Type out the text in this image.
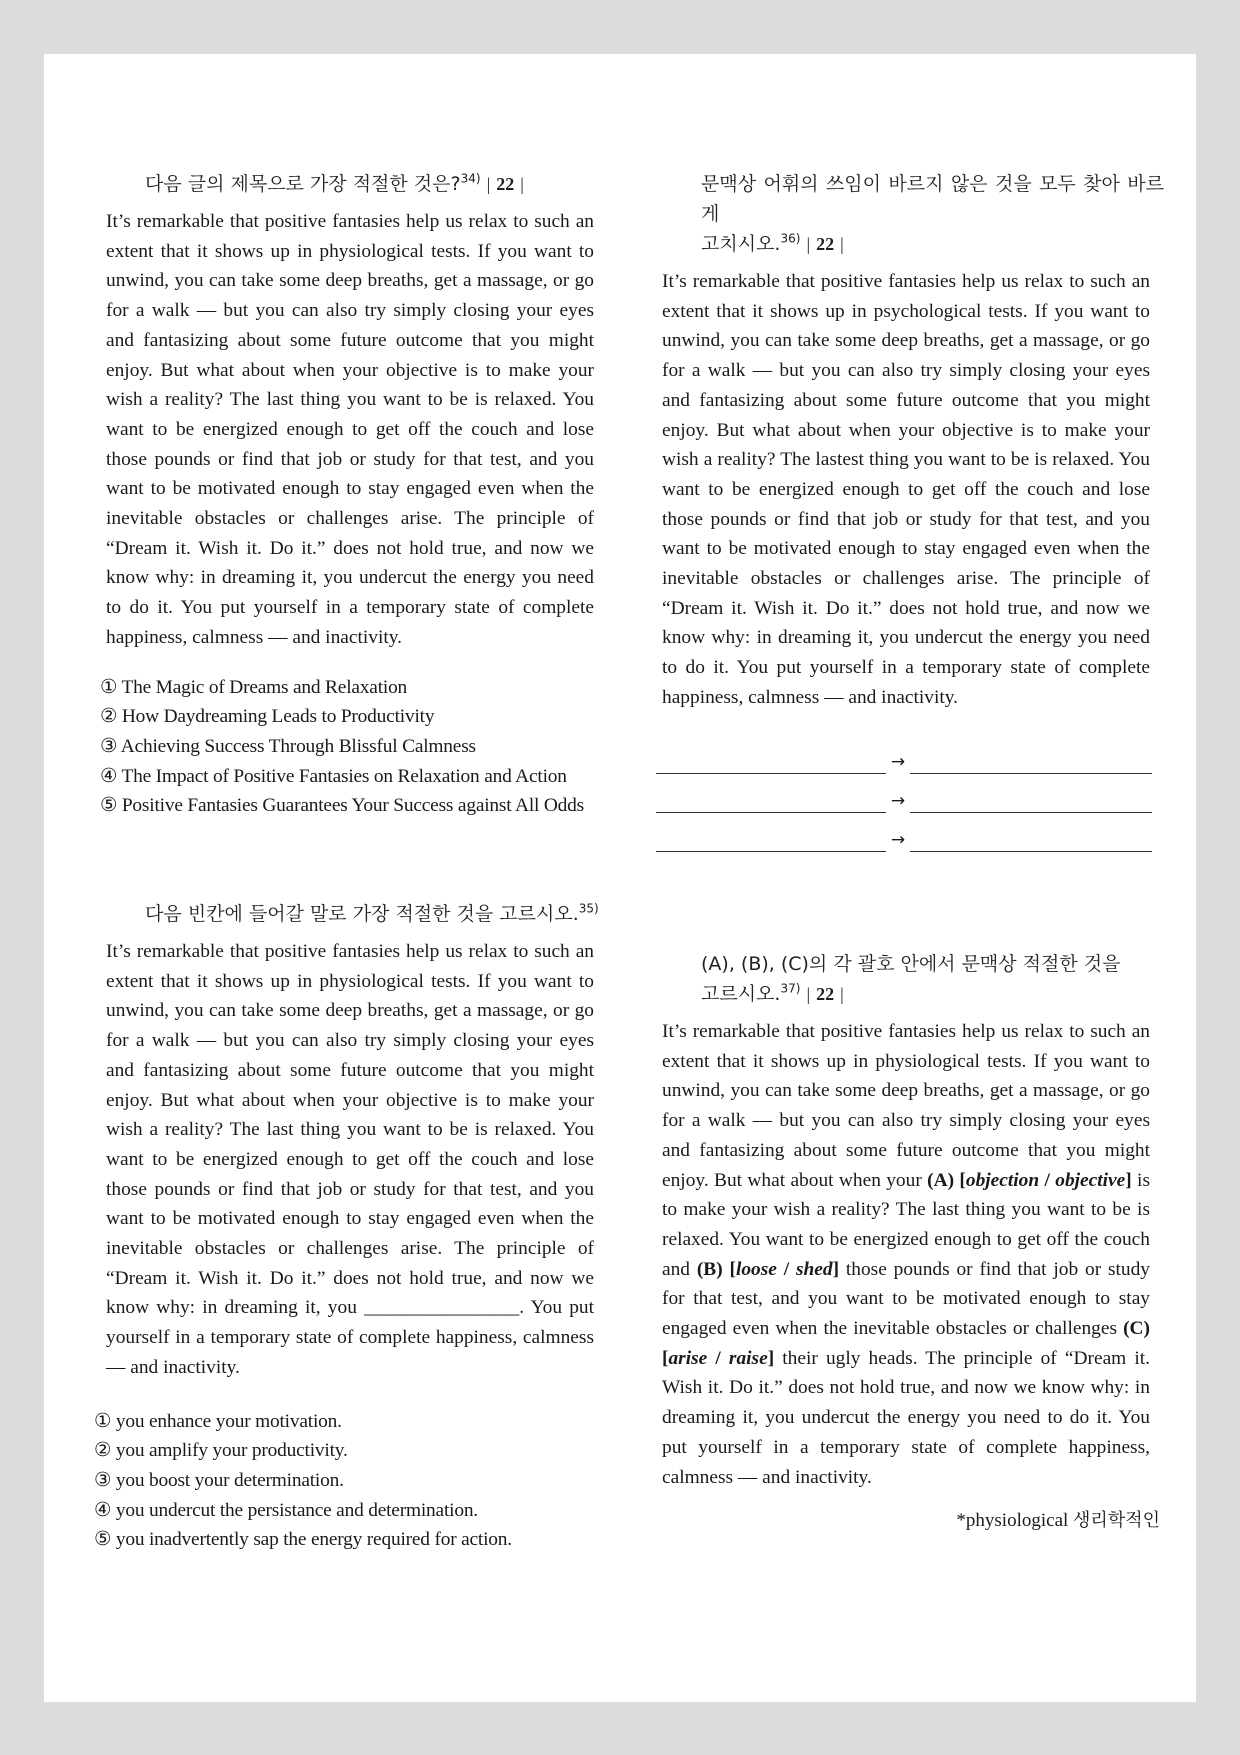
다음 글의 제목으로 가장 적절한 것은?$^{34)}$ | 22 |
It’s remarkable that positive fantasies help us relax to such an extent that it shows up in physiological tests. If you want to unwind, you can take some deep breaths, get a massage, or go for a walk — but you can also try simply closing your eyes and fantasizing about some future outcome that you might enjoy. But what about when your objective is to make your wish a reality? The last thing you want to be is relaxed. You want to be energized enough to get off the couch and lose those pounds or find that job or study for that test, and you want to be motivated enough to stay engaged even when the inevitable obstacles or challenges arise. The principle of “Dream it. Wish it. Do it.” does not hold true, and now we know why: in dreaming it, you undercut the energy you need to do it. You put yourself in a temporary state of complete happiness, calmness — and inactivity.
① The Magic of Dreams and Relaxation
② How Daydreaming Leads to Productivity
③ Achieving Success Through Blissful Calmness
④ The Impact of Positive Fantasies on Relaxation and Action
⑤ Positive Fantasies Guarantees Your Success against All Odds
다음 빈칸에 들어갈 말로 가장 적절한 것을 고르시오.$^{35)}$
It’s remarkable that positive fantasies help us relax to such an extent that it shows up in physiological tests. If you want to unwind, you can take some deep breaths, get a massage, or go for a walk — but you can also try simply closing your eyes and fantasizing about some future outcome that you might enjoy. But what about when your objective is to make your wish a reality? The last thing you want to be is relaxed. You want to be energized enough to get off the couch and lose those pounds or find that job or study for that test, and you want to be motivated enough to stay engaged even when the inevitable obstacles or challenges arise. The principle of “Dream it. Wish it. Do it.” does not hold true, and now we know why: in dreaming it, you ________________. You put yourself in a temporary state of complete happiness, calmness — and inactivity.
① you enhance your motivation.
② you amplify your productivity.
③ you boost your determination.
④ you undercut the persistance and determination.
⑤ you inadvertently sap the energy required for action.
문맥상 어휘의 쓰임이 바르지 않은 것을 모두 찾아 바르게
고치시오.$^{36)}$ | 22 |
It’s remarkable that positive fantasies help us relax to such an extent that it shows up in psychological tests. If you want to unwind, you can take some deep breaths, get a massage, or go for a walk — but you can also try simply closing your eyes and fantasizing about some future outcome that you might enjoy. But what about when your objective is to make your wish a reality? The lastest thing you want to be is relaxed. You want to be energized enough to get off the couch and lose those pounds or find that job or study for that test, and you want to be motivated enough to stay engaged even when the inevitable obstacles or challenges arise. The principle of “Dream it. Wish it. Do it.” does not hold true, and now we know why: in dreaming it, you undercut the energy you need to do it. You put yourself in a temporary state of complete happiness, calmness — and inactivity.
→
→
→
(A), (B), (C)의 각 괄호 안에서 문맥상 적절한 것을
고르시오.$^{37)}$ | 22 |
It’s remarkable that positive fantasies help us relax to such an extent that it shows up in physiological tests. If you want to unwind, you can take some deep breaths, get a massage, or go for a walk — but you can also try simply closing your eyes and fantasizing about some future outcome that you might enjoy. But what about when your (A) [objection / objective] is to make your wish a reality? The last thing you want to be is relaxed. You want to be energized enough to get off the couch and (B) [loose / shed] those pounds or find that job or study for that test, and you want to be motivated enough to stay engaged even when the inevitable obstacles or challenges (C) [arise / raise] their ugly heads. The principle of “Dream it. Wish it. Do it.” does not hold true, and now we know why: in dreaming it, you undercut the energy you need to do it. You put yourself in a temporary state of complete happiness, calmness — and inactivity.
*physiological 생리학적인
